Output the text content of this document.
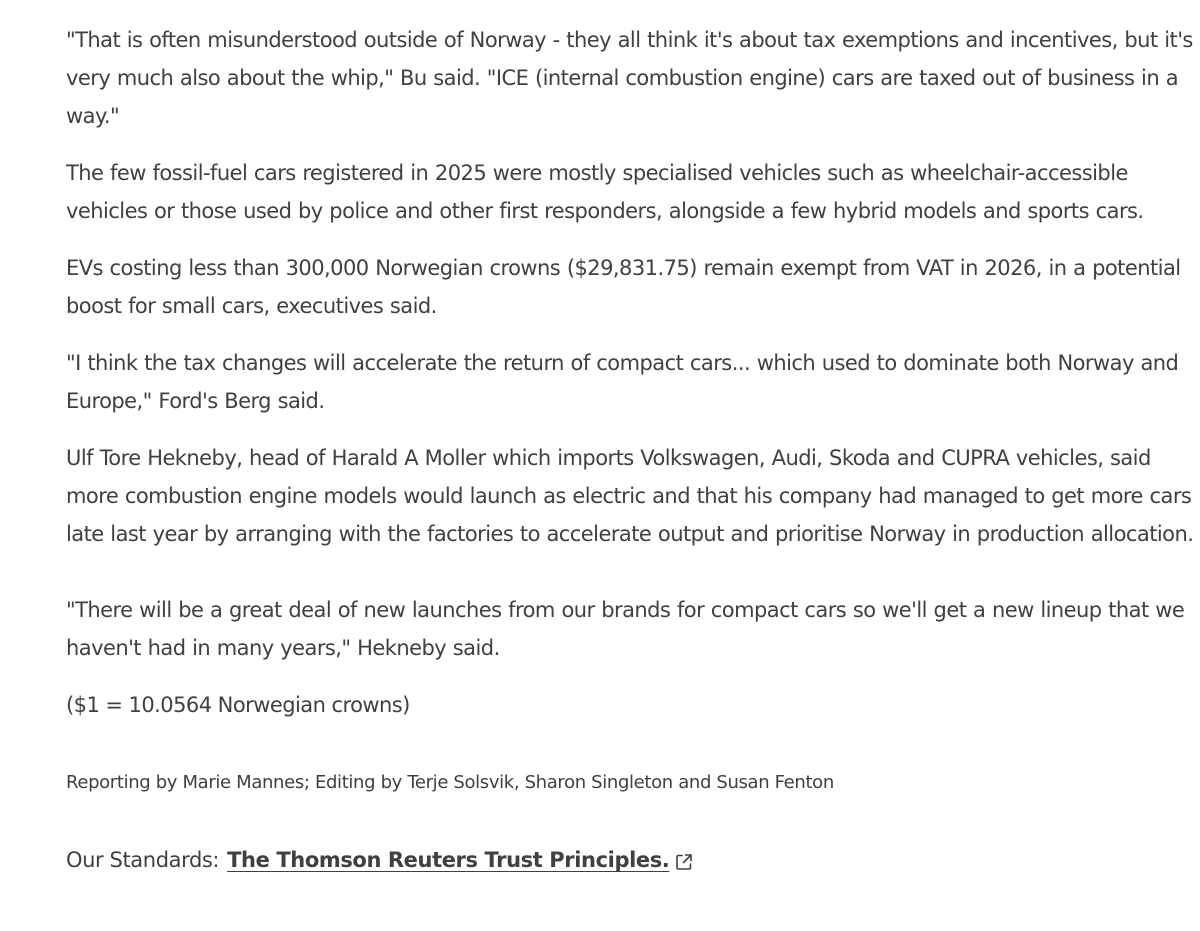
"That is often misunderstood outside of Norway - they all think it's about tax exemptions and incentives, but it's very much also about the whip," Bu said. "ICE (internal combustion engine) cars are taxed out of business in a way."

The few fossil-fuel cars registered in 2025 were mostly specialised vehicles such as wheelchair-accessible vehicles or those used by police and other first responders, alongside a few hybrid models and sports cars.

EVs costing less than 300,000 Norwegian crowns ($29,831.75) remain exempt from VAT in 2026, in a potential boost for small cars, executives said.

"I think the tax changes will accelerate the return of compact cars... which used to dominate both Norway and Europe," Ford's Berg said.

Ulf Tore Hekneby, head of Harald A Moller which imports Volkswagen, Audi, Skoda and CUPRA vehicles, said more combustion engine models would launch as electric and that his company had managed to get more cars late last year by arranging with the factories to accelerate output and prioritise Norway in production allocation.

"There will be a great deal of new launches from our brands for compact cars so we'll get a new lineup that we haven't had in many years," Hekneby said.

($1 = 10.0564 Norwegian crowns)

Reporting by Marie Mannes; Editing by Terje Solsvik, Sharon Singleton and Susan Fenton

Our Standards: The Thomson Reuters Trust Principles.
